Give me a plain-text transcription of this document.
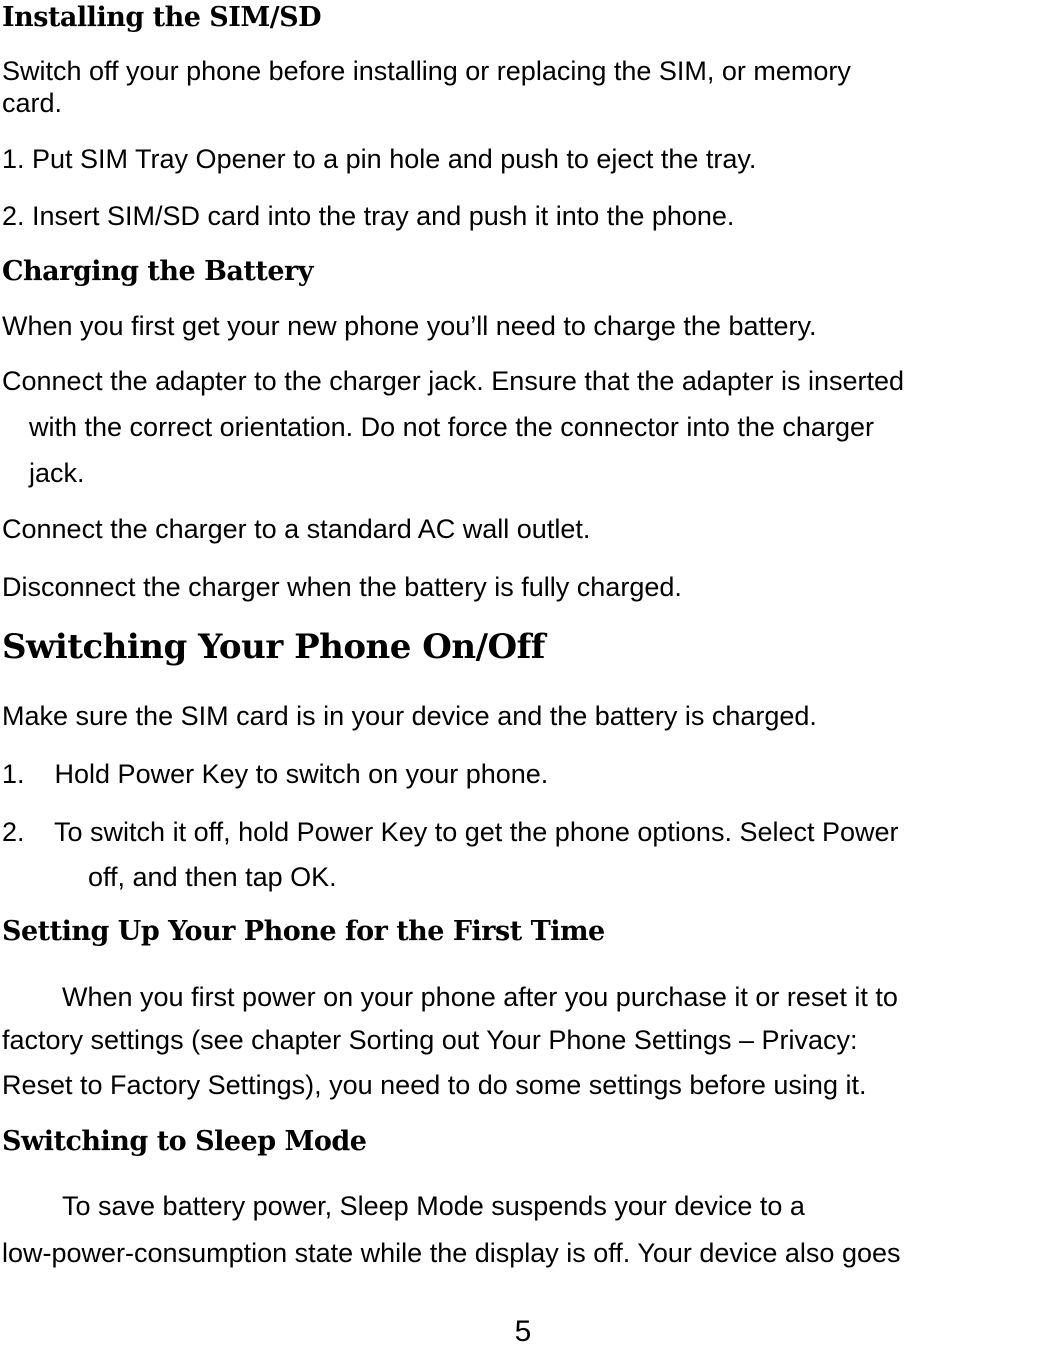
Installing the SIM/SD
Switch off your phone before installing or replacing the SIM, or memory
card.
1. Put SIM Tray Opener to a pin hole and push to eject the tray.
2. Insert SIM/SD card into the tray and push it into the phone.
Charging the Battery
When you first get your new phone you’ll need to charge the battery.
Connect the adapter to the charger jack. Ensure that the adapter is inserted
with the correct orientation. Do not force the connector into the charger
jack.
Connect the charger to a standard AC wall outlet.
Disconnect the charger when the battery is fully charged.
Switching Your Phone On/Off
Make sure the SIM card is in your device and the battery is charged.
1.    Hold Power Key to switch on your phone.
2.    To switch it off, hold Power Key to get the phone options. Select Power
off, and then tap OK.
Setting Up Your Phone for the First Time
When you first power on your phone after you purchase it or reset it to
factory settings (see chapter Sorting out Your Phone Settings – Privacy:
Reset to Factory Settings), you need to do some settings before using it.
Switching to Sleep Mode
To save battery power, Sleep Mode suspends your device to a
low-power-consumption state while the display is off. Your device also goes
5
